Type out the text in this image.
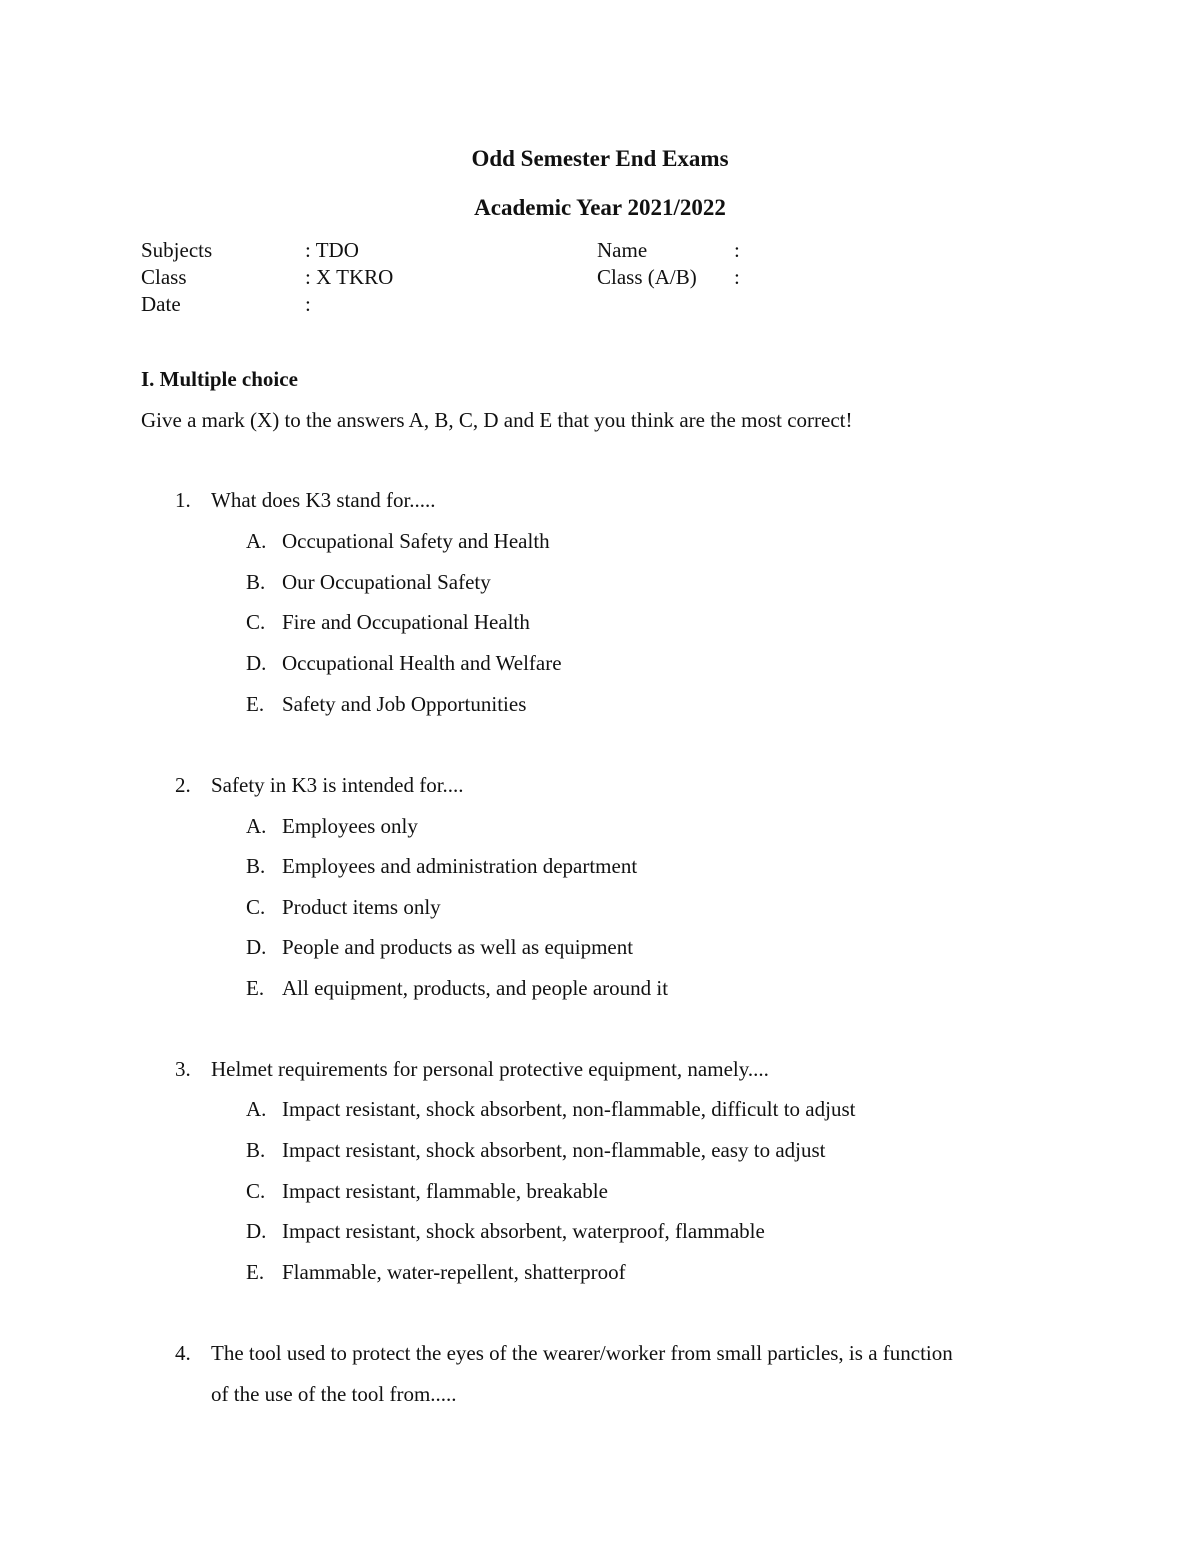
Odd Semester End Exams
Academic Year 2021/2022
Subjects	: TDO
Class	: X TKRO
Date	:
Name	:
Class (A/B) :
I. Multiple choice
Give a mark (X) to the answers A, B, C, D and E that you think are the most correct!
1. What does K3 stand for.....
A. Occupational Safety and Health
B. Our Occupational Safety
C. Fire and Occupational Health
D. Occupational Health and Welfare
E. Safety and Job Opportunities
2. Safety in K3 is intended for....
A. Employees only
B. Employees and administration department
C. Product items only
D. People and products as well as equipment
E. All equipment, products, and people around it
3. Helmet requirements for personal protective equipment, namely....
A. Impact resistant, shock absorbent, non-flammable, difficult to adjust
B. Impact resistant, shock absorbent, non-flammable, easy to adjust
C. Impact resistant, flammable, breakable
D. Impact resistant, shock absorbent, waterproof, flammable
E. Flammable, water-repellent, shatterproof
4. The tool used to protect the eyes of the wearer/worker from small particles, is a function
of the use of the tool from.....
